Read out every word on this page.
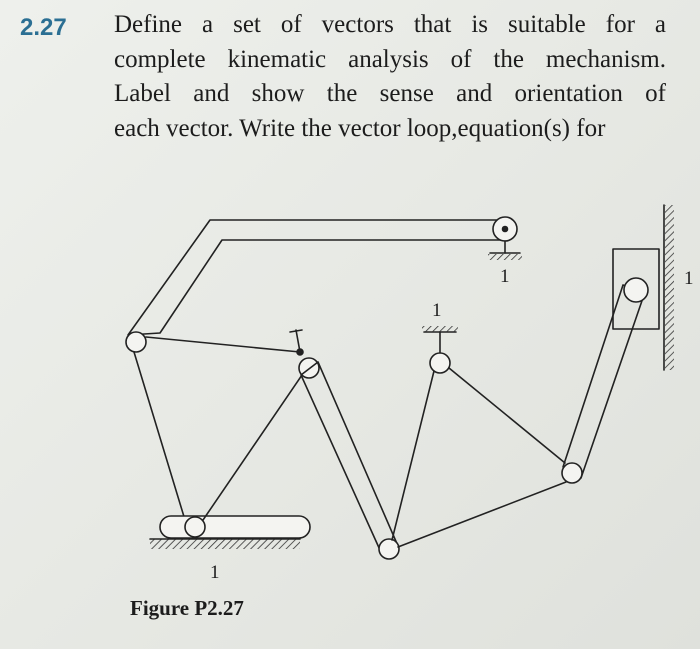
2.27 Define a set of vectors that is suitable for a
complete kinematic analysis of the mechanism.
Label and show the sense and orientation of
each vector. Write the vector loop,equation(s) for
1
1
1
1
Figure P2.27
